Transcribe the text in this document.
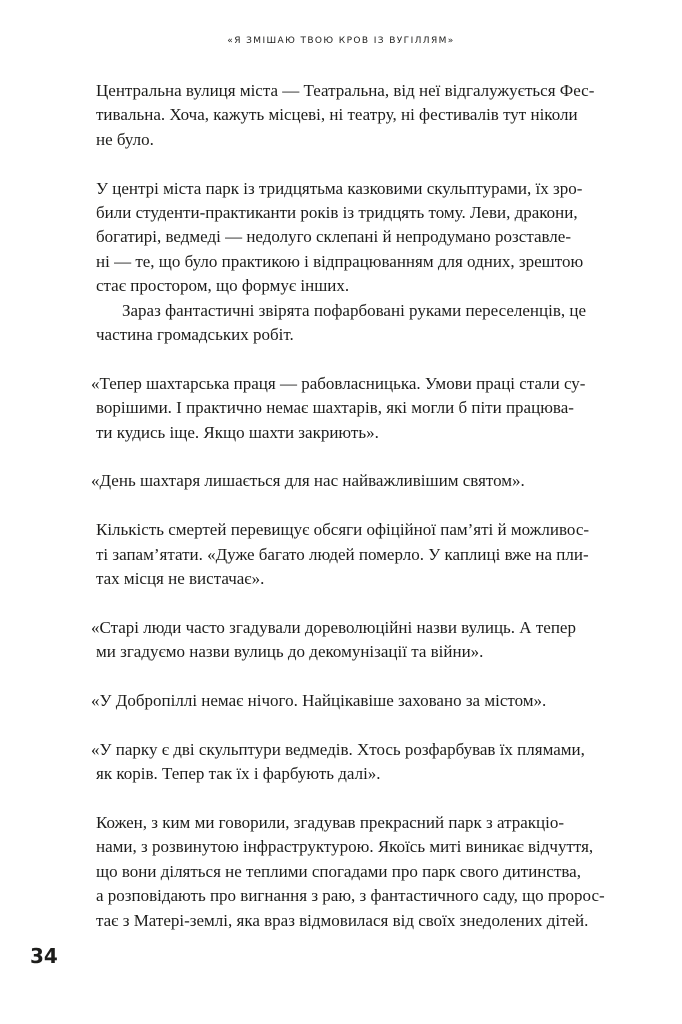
«Я ЗМІШАЮ ТВОЮ КРОВ ІЗ ВУГІЛЛЯМ»

Центральна вулиця міста — Театральна, від неї відгалужується Фес-
тивальна. Хоча, кажуть місцеві, ні театру, ні фестивалів тут ніколи
не було.

У центрі міста парк із тридцятьма казковими скульптурами, їх зро-
били студенти-практиканти років із тридцять тому. Леви, дракони,
богатирі, ведмеді — недолуго склепані й непродумано розставле-
ні — те, що було практикою і відпрацюванням для одних, зрештою
стає простором, що формує інших.

Зараз фантастичні звірята пофарбовані руками переселенців, це
частина громадських робіт.

«Тепер шахтарська праця — рабовласницька. Умови праці стали су-
ворішими. І практично немає шахтарів, які могли б піти працюва-
ти кудись іще. Якщо шахти закриють».

«День шахтаря лишається для нас найважливішим святом».

Кількість смертей перевищує обсяги офіційної пам’яті й можливос-
ті запам’ятати. «Дуже багато людей померло. У каплиці вже на пли-
тах місця не вистачає».

«Старі люди часто згадували дореволюційні назви вулиць. А тепер
ми згадуємо назви вулиць до декомунізації та війни».

«У Добропіллі немає нічого. Найцікавіше заховано за містом».

«У парку є дві скульптури ведмедів. Хтось розфарбував їх плямами,
як корів. Тепер так їх і фарбують далі».

Кожен, з ким ми говорили, згадував прекрасний парк з атракціо-
нами, з розвинутою інфраструктурою. Якоїсь миті виникає відчуття,
що вони діляться не теплими спогадами про парк свого дитинства,
а розповідають про вигнання з раю, з фантастичного саду, що пророс-
тає з Матері-землі, яка враз відмовилася від своїх знедолених дітей.

34
